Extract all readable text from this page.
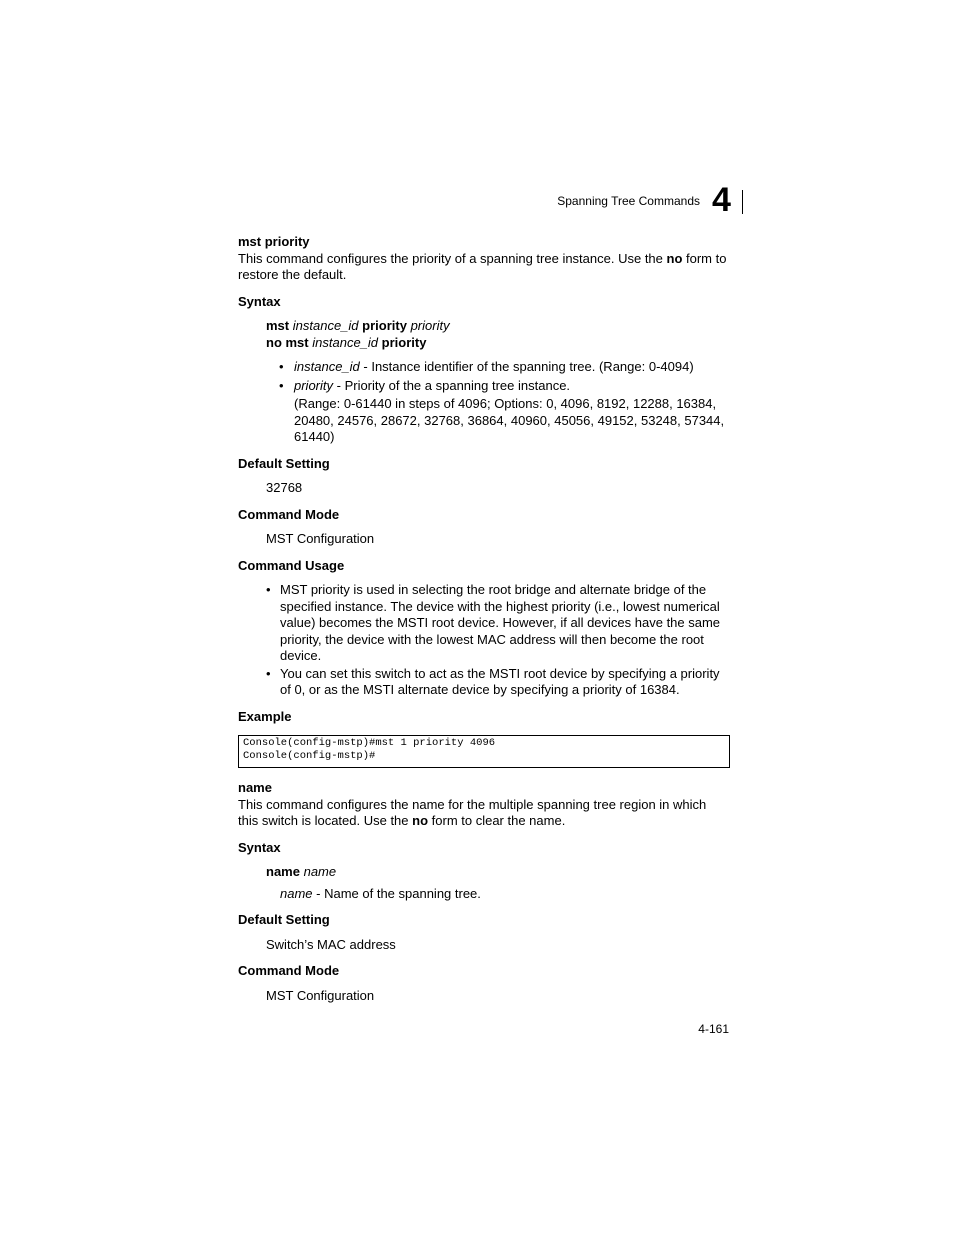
Spanning Tree Commands 4
mst priority

This command configures the priority of a spanning tree instance. Use the no form to restore the default.

Syntax

mst instance_id priority priority

no mst instance_id priority

• instance_id - Instance identifier of the spanning tree. (Range: 0-4094)
• priority - Priority of the a spanning tree instance.
(Range: 0-61440 in steps of 4096; Options: 0, 4096, 8192, 12288, 16384, 20480, 24576, 28672, 32768, 36864, 40960, 45056, 49152, 53248, 57344, 61440)
Default Setting

32768

Command Mode

MST Configuration

Command Usage
• MST priority is used in selecting the root bridge and alternate bridge of the specified instance. The device with the highest priority (i.e., lowest numerical value) becomes the MSTI root device. However, if all devices have the same priority, the device with the lowest MAC address will then become the root device.
• You can set this switch to act as the MSTI root device by specifying a priority of 0, or as the MSTI alternate device by specifying a priority of 16384.
Example
Console(config-mstp)#mst 1 priority 4096
Console(config-mstp)#
name

This command configures the name for the multiple spanning tree region in which this switch is located. Use the no form to clear the name.

Syntax

name name

name - Name of the spanning tree.

Default Setting

Switch’s MAC address

Command Mode

MST Configuration

4-161
